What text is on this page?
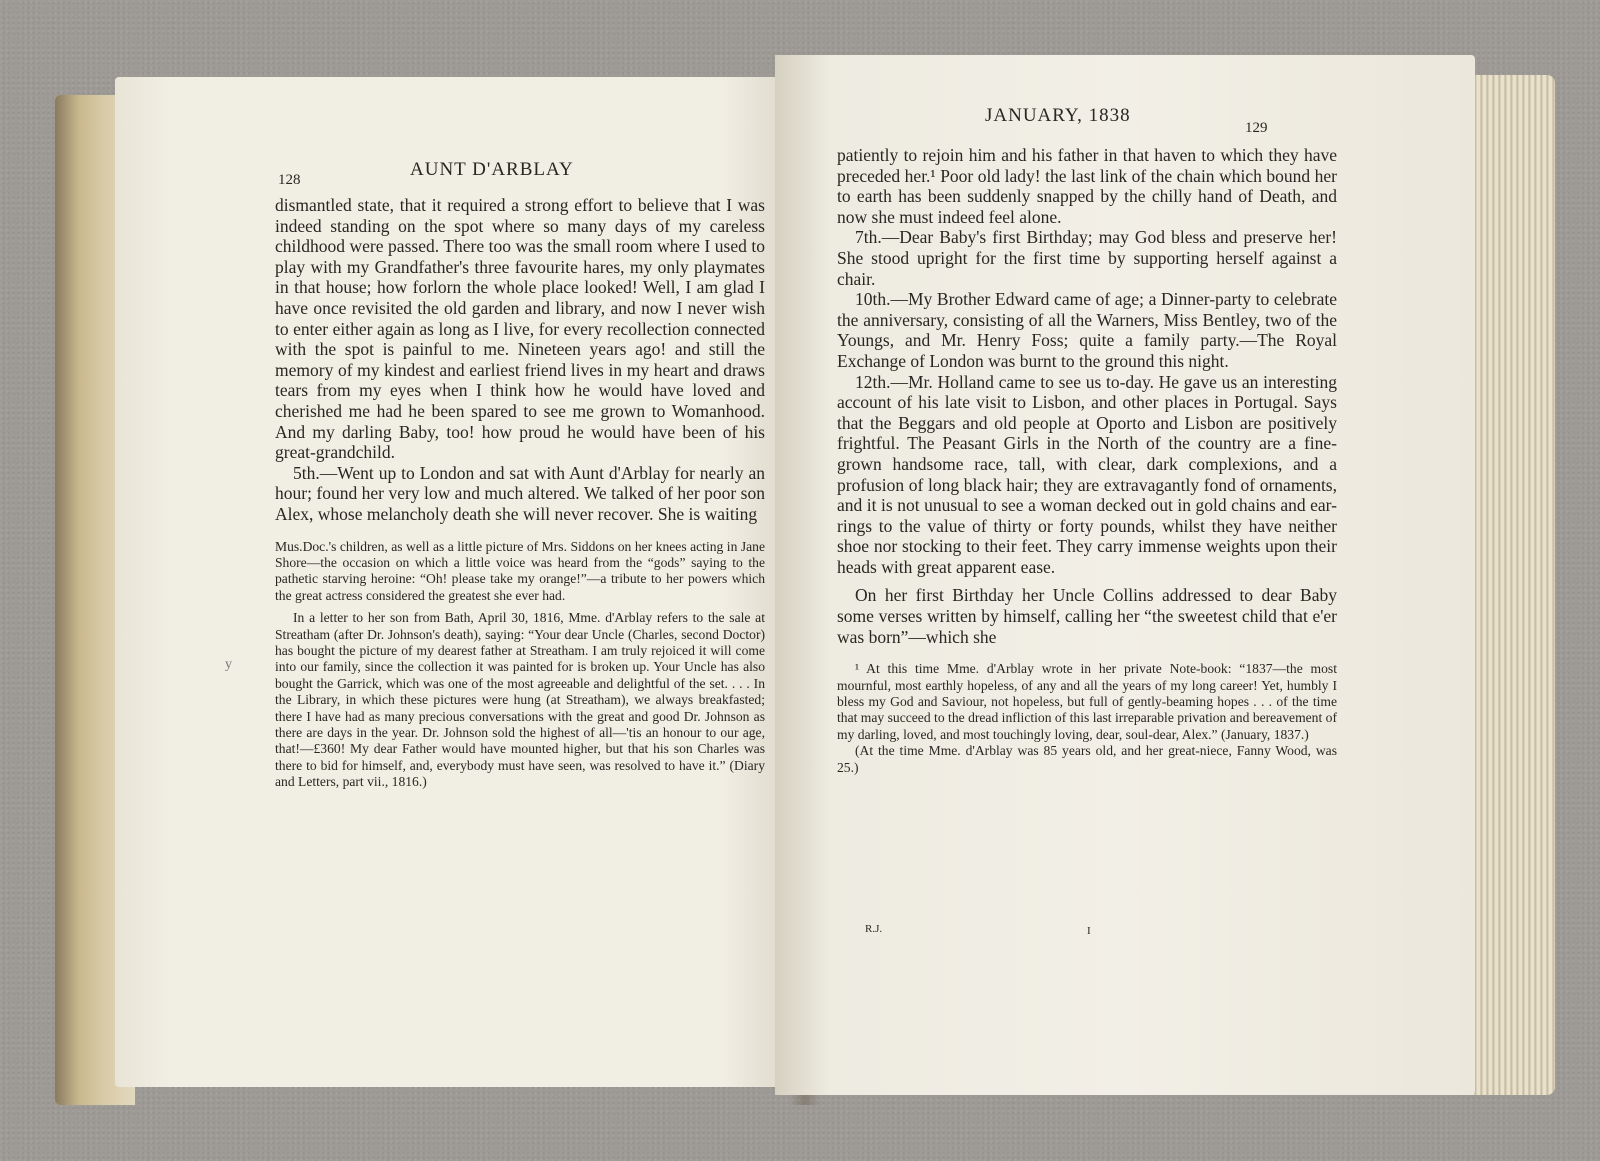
128	AUNT D'ARBLAY

dismantled state, that it required a strong effort to believe that I was indeed standing on the spot where so many days of my careless childhood were passed. There too was the small room where I used to play with my Grandfather's three favourite hares, my only playmates in that house; how forlorn the whole place looked! Well, I am glad I have once revisited the old garden and library, and now I never wish to enter either again as long as I live, for every recollection connected with the spot is painful to me. Nineteen years ago! and still the memory of my kindest and earliest friend lives in my heart and draws tears from my eyes when I think how he would have loved and cherished me had he been spared to see me grown to Womanhood. And my darling Baby, too! how proud he would have been of his great-grandchild.

5th.—Went up to London and sat with Aunt d'Arblay for nearly an hour; found her very low and much altered. We talked of her poor son Alex, whose melancholy death she will never recover. She is waiting

Mus.Doc.'s children, as well as a little picture of Mrs. Siddons on her knees acting in Jane Shore—the occasion on which a little voice was heard from the “gods” saying to the pathetic starving heroine: “Oh! please take my orange!”—a tribute to her powers which the great actress considered the greatest she ever had.

In a letter to her son from Bath, April 30, 1816, Mme. d'Arblay refers to the sale at Streatham (after Dr. Johnson's death), saying: “Your dear Uncle (Charles, second Doctor) has bought the picture of my dearest father at Streatham. I am truly rejoiced it will come into our family, since the collection it was painted for is broken up. Your Uncle has also bought the Garrick, which was one of the most agreeable and delightful of the set. . . . In the Library, in which these pictures were hung (at Streatham), we always breakfasted; there I have had as many precious conversations with the great and good Dr. Johnson as there are days in the year. Dr. Johnson sold the highest of all—'tis an honour to our age, that!—£360! My dear Father would have mounted higher, but that his son Charles was there to bid for himself, and, everybody must have seen, was resolved to have it.” (Diary and Letters, part vii., 1816.)

y
JANUARY, 1838
129

patiently to rejoin him and his father in that haven to which they have preceded her.¹ Poor old lady! the last link of the chain which bound her to earth has been suddenly snapped by the chilly hand of Death, and now she must indeed feel alone.

7th.—Dear Baby's first Birthday; may God bless and preserve her! She stood upright for the first time by supporting herself against a chair.

10th.—My Brother Edward came of age; a Dinner-party to celebrate the anniversary, consisting of all the Warners, Miss Bentley, two of the Youngs, and Mr. Henry Foss; quite a family party.—The Royal Exchange of London was burnt to the ground this night.

12th.—Mr. Holland came to see us to-day. He gave us an interesting account of his late visit to Lisbon, and other places in Portugal. Says that the Beggars and old people at Oporto and Lisbon are positively frightful. The Peasant Girls in the North of the country are a fine-grown handsome race, tall, with clear, dark complexions, and a profusion of long black hair; they are extravagantly fond of ornaments, and it is not unusual to see a woman decked out in gold chains and ear-rings to the value of thirty or forty pounds, whilst they have neither shoe nor stocking to their feet. They carry immense weights upon their heads with great apparent ease.

On her first Birthday her Uncle Collins addressed to dear Baby some verses written by himself, calling her “the sweetest child that e'er was born”—which she

¹ At this time Mme. d'Arblay wrote in her private Note-book: “1837—the most mournful, most earthly hopeless, of any and all the years of my long career! Yet, humbly I bless my God and Saviour, not hopeless, but full of gently-beaming hopes . . . of the time that may succeed to the dread infliction of this last irreparable privation and bereavement of my darling, loved, and most touchingly loving, dear, soul-dear, Alex.” (January, 1837.)

(At the time Mme. d'Arblay was 85 years old, and her great-niece, Fanny Wood, was 25.)

R.J.	I
